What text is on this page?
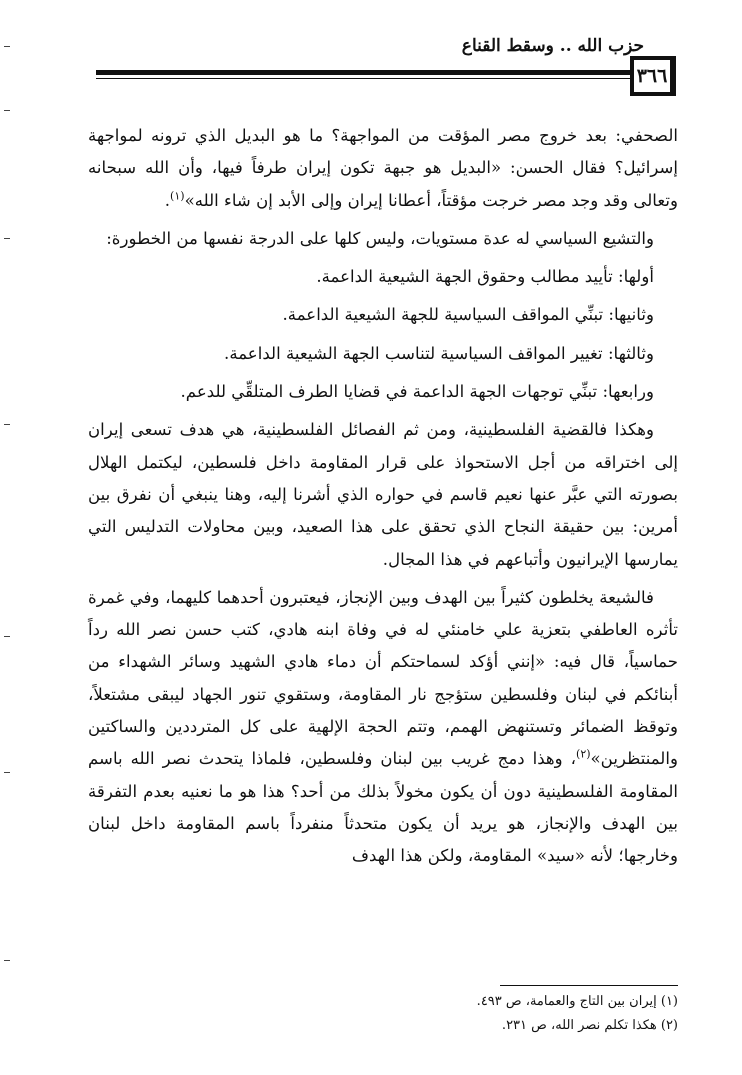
حزب الله .. وسقط القناع
٣٦٦

الصحفي: بعد خروج مصر المؤقت من المواجهة؟ ما هو البديل الذي ترونه لمواجهة إسرائيل؟ فقال الحسن: «البديل هو جبهة تكون إيران طرفاً فيها، وأن الله سبحانه وتعالى وقد وجد مصر خرجت مؤقتاً، أعطانا إيران وإلى الأبد إن شاء الله»$^{(١)}$.

والتشيع السياسي له عدة مستويات، وليس كلها على الدرجة نفسها من الخطورة:

أولها: تأييد مطالب وحقوق الجهة الشيعية الداعمة.

وثانيها: تبنِّي المواقف السياسية للجهة الشيعية الداعمة.

وثالثها: تغيير المواقف السياسية لتناسب الجهة الشيعية الداعمة.

ورابعها: تبنِّي توجهات الجهة الداعمة في قضايا الطرف المتلقِّي للدعم.

وهكذا فالقضية الفلسطينية، ومن ثم الفصائل الفلسطينية، هي هدف تسعى إيران إلى اختراقه من أجل الاستحواذ على قرار المقاومة داخل فلسطين، ليكتمل الهلال بصورته التي عبَّر عنها نعيم قاسم في حواره الذي أشرنا إليه، وهنا ينبغي أن نفرق بين أمرين: بين حقيقة النجاح الذي تحقق على هذا الصعيد، وبين محاولات التدليس التي يمارسها الإيرانيون وأتباعهم في هذا المجال.

فالشيعة يخلطون كثيراً بين الهدف وبين الإنجاز، فيعتبرون أحدهما كليهما، وفي غمرة تأثره العاطفي بتعزية علي خامنئي له في وفاة ابنه هادي، كتب حسن نصر الله رداً حماسياً، قال فيه: «إنني أؤكد لسماحتكم أن دماء هادي الشهيد وسائر الشهداء من أبنائكم في لبنان وفلسطين ستؤجج نار المقاومة، وستقوي تنور الجهاد ليبقى مشتعلاً، وتوقظ الضمائر وتستنهض الهمم، وتتم الحجة الإلهية على كل المترددين والساكتين والمنتظرين»$^{(٢)}$، وهذا دمج غريب بين لبنان وفلسطين، فلماذا يتحدث نصر الله باسم المقاومة الفلسطينية دون أن يكون مخولاً بذلك من أحد؟ هذا هو ما نعنيه بعدم التفرقة بين الهدف والإنجاز، هو يريد أن يكون متحدثاً منفرداً باسم المقاومة داخل لبنان وخارجها؛ لأنه «سيد» المقاومة، ولكن هذا الهدف

(١) إيران بين التاج والعمامة، ص ٤٩٣.

(٢) هكذا تكلم نصر الله، ص ٢٣١.
